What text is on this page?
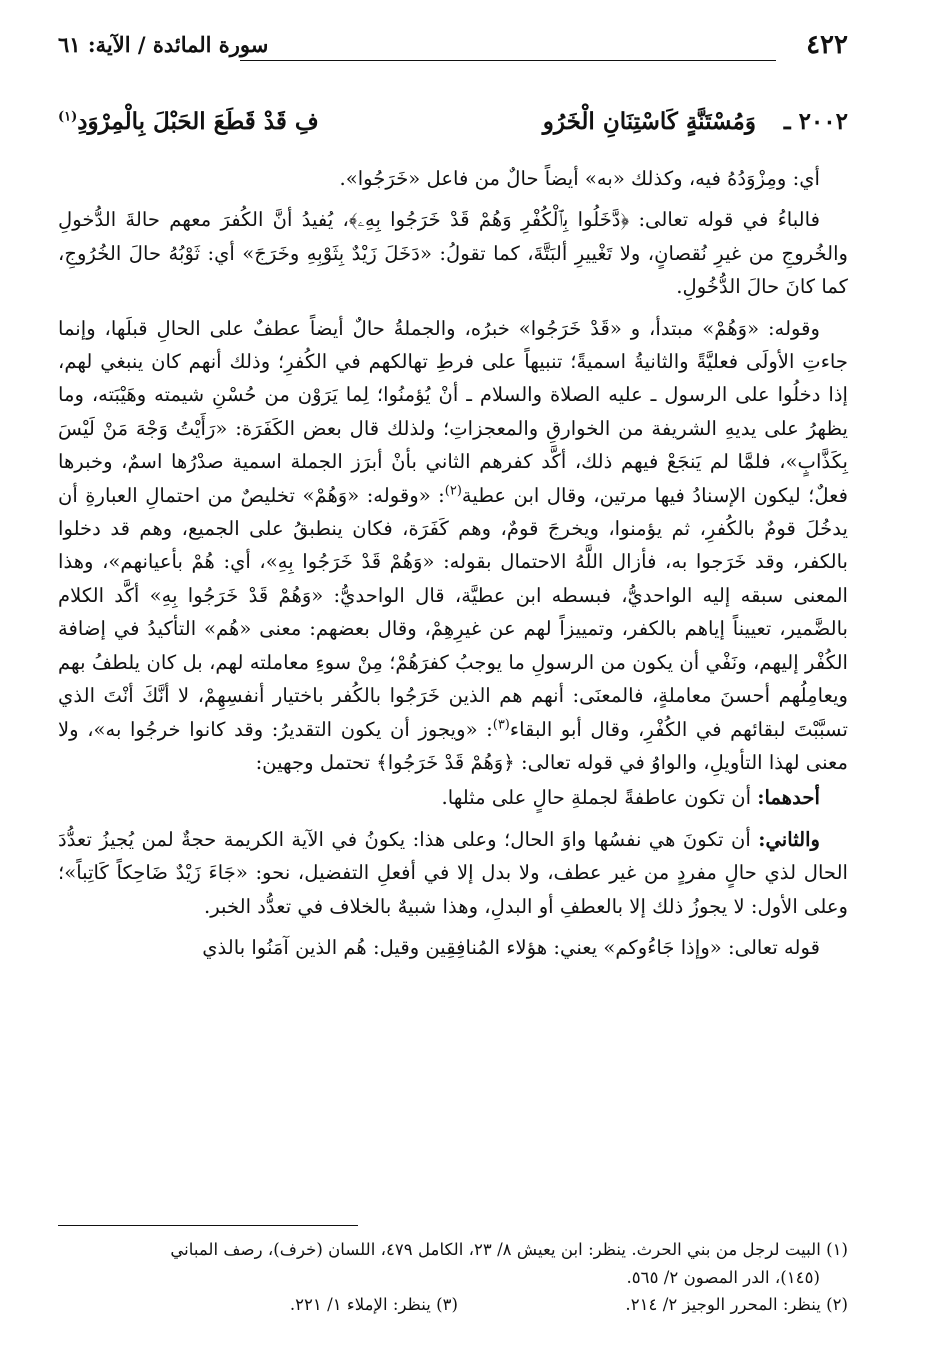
٤٢٢
سورة المائدة / الآية: ٦١
٢٠٠٢ ـ
وَمُسْتَنَّةٍ كَاسْتِنَانِ الْخَرُو
فِ قَدْ قَطَعَ الحَبْلَ بِالْمِرْوَدِ$^{(١)}$

أي: ومِزْوَدُهُ فيه، وكذلك «به» أيضاً حالٌ من فاعل «خَرَجُوا».

فالباءُ في قوله تعالى: ﴿دَّخَلُوا بِٱلْكُفْرِ وَهُمْ قَدْ خَرَجُوا بِهِۦ﴾، يُفيدُ أنَّ الكُفرَ معهم حالةَ الدُّخولِ والخُروجِ من غيرِ نُقصانٍ، ولا تَغْييرِ ألبَتَّةَ، كما تقولُ: «دَخَلَ زَيْدٌ بِثَوْبِهِ وخَرَجَ» أي: ثَوْبُهُ حالَ الخُرُوجِ، كما كانَ حالَ الدُّخُولِ.

وقوله: «وَهُمْ» مبتدأ، و «قَدْ خَرَجُوا» خبرُه، والجملةُ حالٌ أيضاً عطفٌ على الحالِ قبلَها، وإنما جاءتِ الأولَى فعليَّةً والثانيةُ اسميةً؛ تنبيهاً على فرطِ تهالكهم في الكُفرِ؛ وذلك أنهم كان ينبغي لهم، إذا دخلُوا على الرسول ـ عليه الصلاة والسلام ـ أنْ يُؤمنُوا؛ لِما يَرَوْن من حُسْنِ شيمته وهَيْبَته، وما يظهرُ على يديهِ الشريفة من الخوارقِ والمعجزاتِ؛ ولذلك قال بعض الكَفَرَة: «رَأَيْتُ وَجْهَ مَنْ لَيْسَ بِكَذَّابٍ»، فلمَّا لم يَنجَعْ فيهم ذلك، أكَّد كفرهم الثاني بأنْ أبرَز الجملة اسمية صدْرُها اسمٌ، وخبرها فعلٌ؛ ليكون الإسنادُ فيها مرتين، وقال ابن عطية$^{(٢)}$: «وقوله: «وَهُمْ» تخليصٌ من احتمالِ العبارةِ أن يدخُلَ قومٌ بالكُفرِ، ثم يؤمنوا، ويخرجَ قومٌ، وهم كَفَرَة، فكان ينطبقُ على الجميع، وهم قد دخلوا بالكفر، وقد خَرَجوا به، فأزال اللَّهُ الاحتمال بقوله: «وَهُمْ قَدْ خَرَجُوا بِهِ»، أي: هُمْ بأعيانهم»، وهذا المعنى سبقه إليه الواحديُّ، فبسطه ابن عطيَّة، قال الواحديُّ: «وَهُمْ قَدْ خَرَجُوا بِهِ» أكَّد الكلام بالضَّمير، تعييناً إياهم بالكفر، وتمييزاً لهم عن غيرِهِمْ، وقال بعضهم: معنى «هُم» التأكيدُ في إضافة الكُفْر إليهم، ونَفْي أن يكون من الرسولِ ما يوجبُ كفرَهُمْ؛ مِنْ سوءِ معاملته لهم، بل كان يلطفُ بهم ويعامِلُهم أحسنَ معاملةٍ، فالمعنَى: أنهم هم الذين خَرَجُوا بالكُفر باختيار أنفسِهِمْ، لا أنَّكَ أنْتَ الذي تسبَّبْتَ لبقائهم في الكُفْرِ، وقال أبو البقاء$^{(٣)}$: «ويجوز أن يكون التقديرُ: وقد كانوا خرجُوا به»، ولا معنى لهذا التأويلِ، والواوُ في قوله تعالى: ﴿وَهُمْ قَدْ خَرَجُوا﴾ تحتمل وجهين:

أحدهما: أن تكون عاطفةً لجملةِ حالٍ على مثلها.

والثاني: أن تكونَ هي نفسُها واوَ الحال؛ وعلى هذا: يكونُ في الآية الكريمة حجةٌ لمن يُجيزُ تعدُّدَ الحال لذي حالٍ مفردٍ من غير عطف، ولا بدل إلا في أفعلِ التفضيل، نحو: «جَاءَ زَيْدٌ ضَاحِكاً كَاتِباً»؛ وعلى الأول: لا يجوزُ ذلك إلا بالعطفِ أو البدلِ، وهذا شبيهٌ بالخلاف في تعدُّد الخبر.

قوله تعالى: «وإذا جَاءُوكم» يعني: هؤلاء المُنافِقِين وقيل: هُم الذين آمَنُوا بالذي

(١) البيت لرجل من بني الحرث. ينظر: ابن يعيش ٨/ ٢٣، الكامل ٤٧٩، اللسان (خرف)، رصف المباني
(١٤٥)، الدر المصون ٢/ ٥٦٥.
(٢) ينظر: المحرر الوجيز ٢/ ٢١٤.
(٣) ينظر: الإملاء ١/ ٢٢١.
